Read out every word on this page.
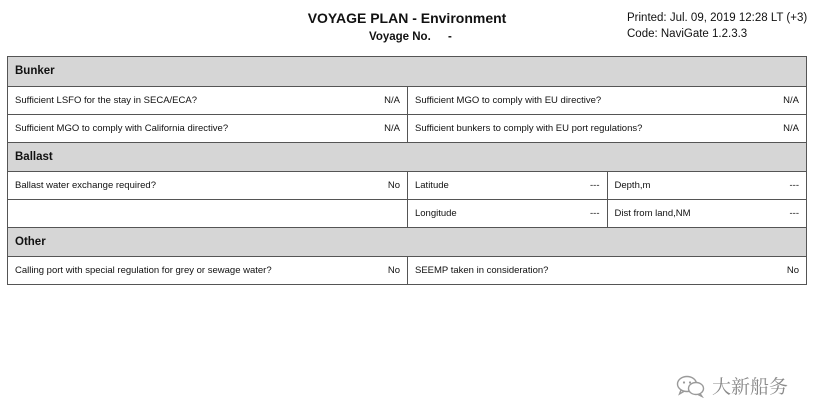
VOYAGE PLAN - Environment
Voyage No. -
Printed: Jul. 09, 2019 12:28 LT (+3)
Code: NaviGate 1.2.3.3
Bunker
Sufficient LSFO for the stay in SECA/ECA?	N/A Sufficient MGO to comply with EU directive?	N/A
Sufficient MGO to comply with California directive?	N/A Sufficient bunkers to comply with EU port regulations?	N/A
Ballast
Ballast water exchange required?	No Latitude	--- Depth,m	---
Longitude	--- Dist from land,NM	---
Other
Calling port with special regulation for grey or sewage water?	No SEEMP taken in consideration?	No
大新船务
